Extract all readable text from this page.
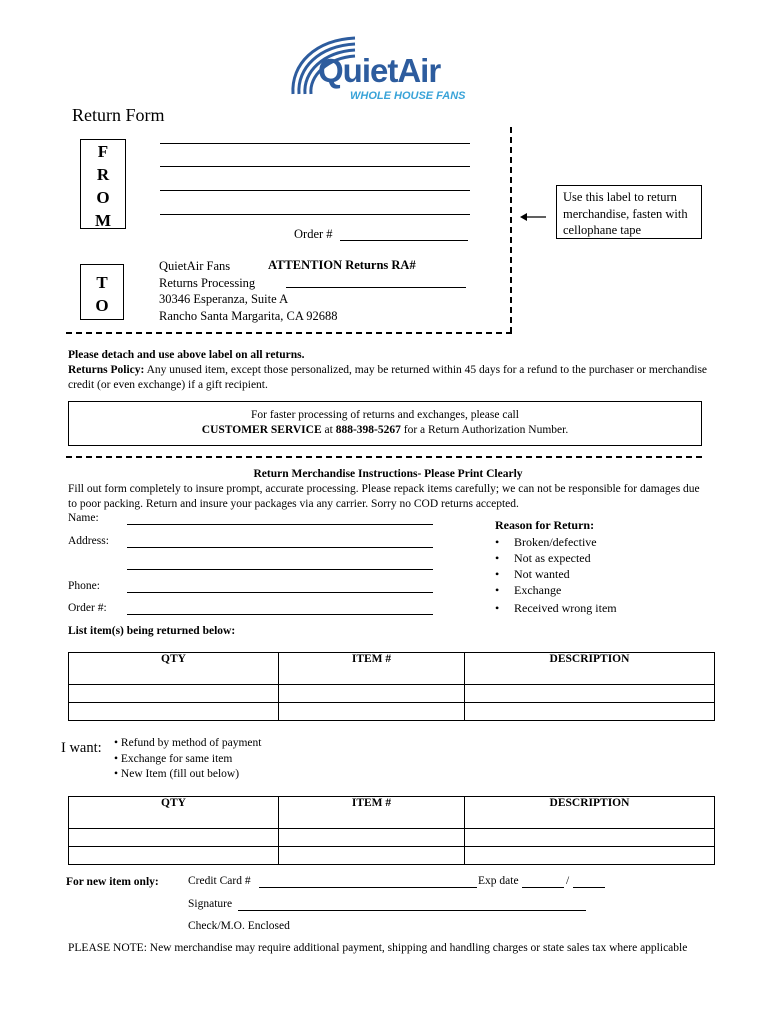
QuietAir
WHOLE HOUSE FANS
Return Form
F
R
O
M
Order #
Use this label to return merchandise, fasten with cellophane tape
T
O
QuietAir Fans
Returns Processing
30346 Esperanza, Suite A
Rancho Santa Margarita, CA 92688
ATTENTION Returns RA#
Please detach and use above label on all returns.
Returns Policy: Any unused item, except those personalized, may be returned within 45 days for a refund to the purchaser or merchandise credit (or even exchange) if a gift recipient.
For faster processing of returns and exchanges, please call
CUSTOMER SERVICE at 888-398-5267 for a Return Authorization Number.
Return Merchandise Instructions- Please Print Clearly
Fill out form completely to insure prompt, accurate processing. Please repack items carefully; we can not be responsible for damages due to poor packing. Return and insure your packages via any carrier. Sorry no COD returns accepted.
Name:
Address:
Phone:
Order #:
Reason for Return:
• Broken/defective
• Not as expected
• Not wanted
• Exchange
• Received wrong item
List item(s) being returned below:
QTY	ITEM #	DESCRIPTION

I want:	• Refund by method of payment
• Exchange for same item
• New Item (fill out below)
QTY	ITEM #	DESCRIPTION

For new item only:	Credit Card #	Exp date	/
Signature
Check/M.O. Enclosed
PLEASE NOTE: New merchandise may require additional payment, shipping and handling charges or state sales tax where applicable
